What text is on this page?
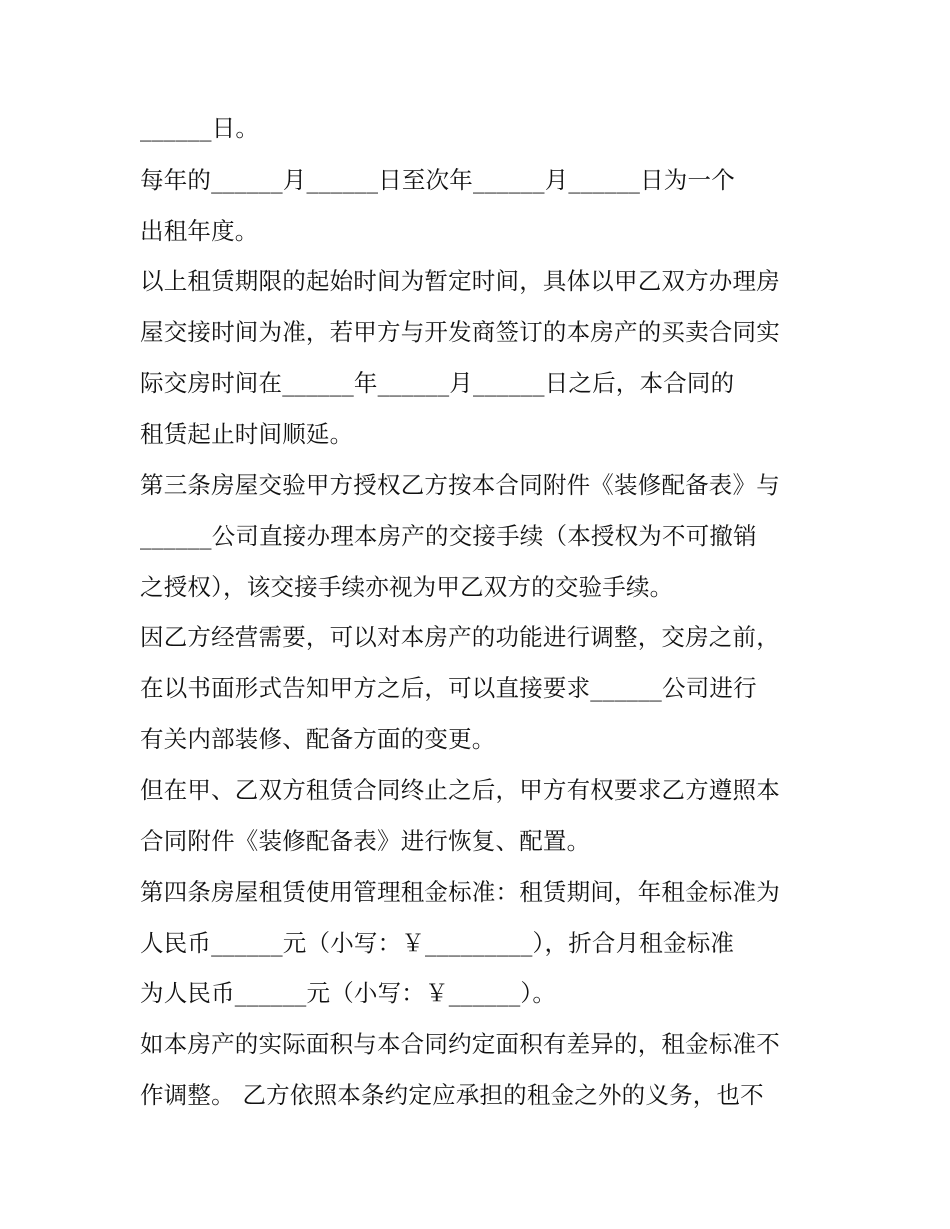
______日。
每年的______月______日至次年______月______日为一个
出租年度。
以上租赁期限的起始时间为暂定时间，具体以甲乙双方办理房
屋交接时间为准，若甲方与开发商签订的本房产的买卖合同实
际交房时间在______年______月______日之后，本合同的
租赁起止时间顺延。
第三条房屋交验甲方授权乙方按本合同附件《装修配备表》与
______公司直接办理本房产的交接手续（本授权为不可撤销
之授权），该交接手续亦视为甲乙双方的交验手续。
因乙方经营需要，可以对本房产的功能进行调整，交房之前，
在以书面形式告知甲方之后，可以直接要求______公司进行
有关内部装修、配备方面的变更。
但在甲、乙双方租赁合同终止之后，甲方有权要求乙方遵照本
合同附件《装修配备表》进行恢复、配置。
第四条房屋租赁使用管理租金标准：租赁期间，年租金标准为
人民币______元（小写：￥_________），折合月租金标准
为人民币______元（小写：￥______）。
如本房产的实际面积与本合同约定面积有差异的，租金标准不
作调整。 乙方依照本条约定应承担的租金之外的义务，也不
